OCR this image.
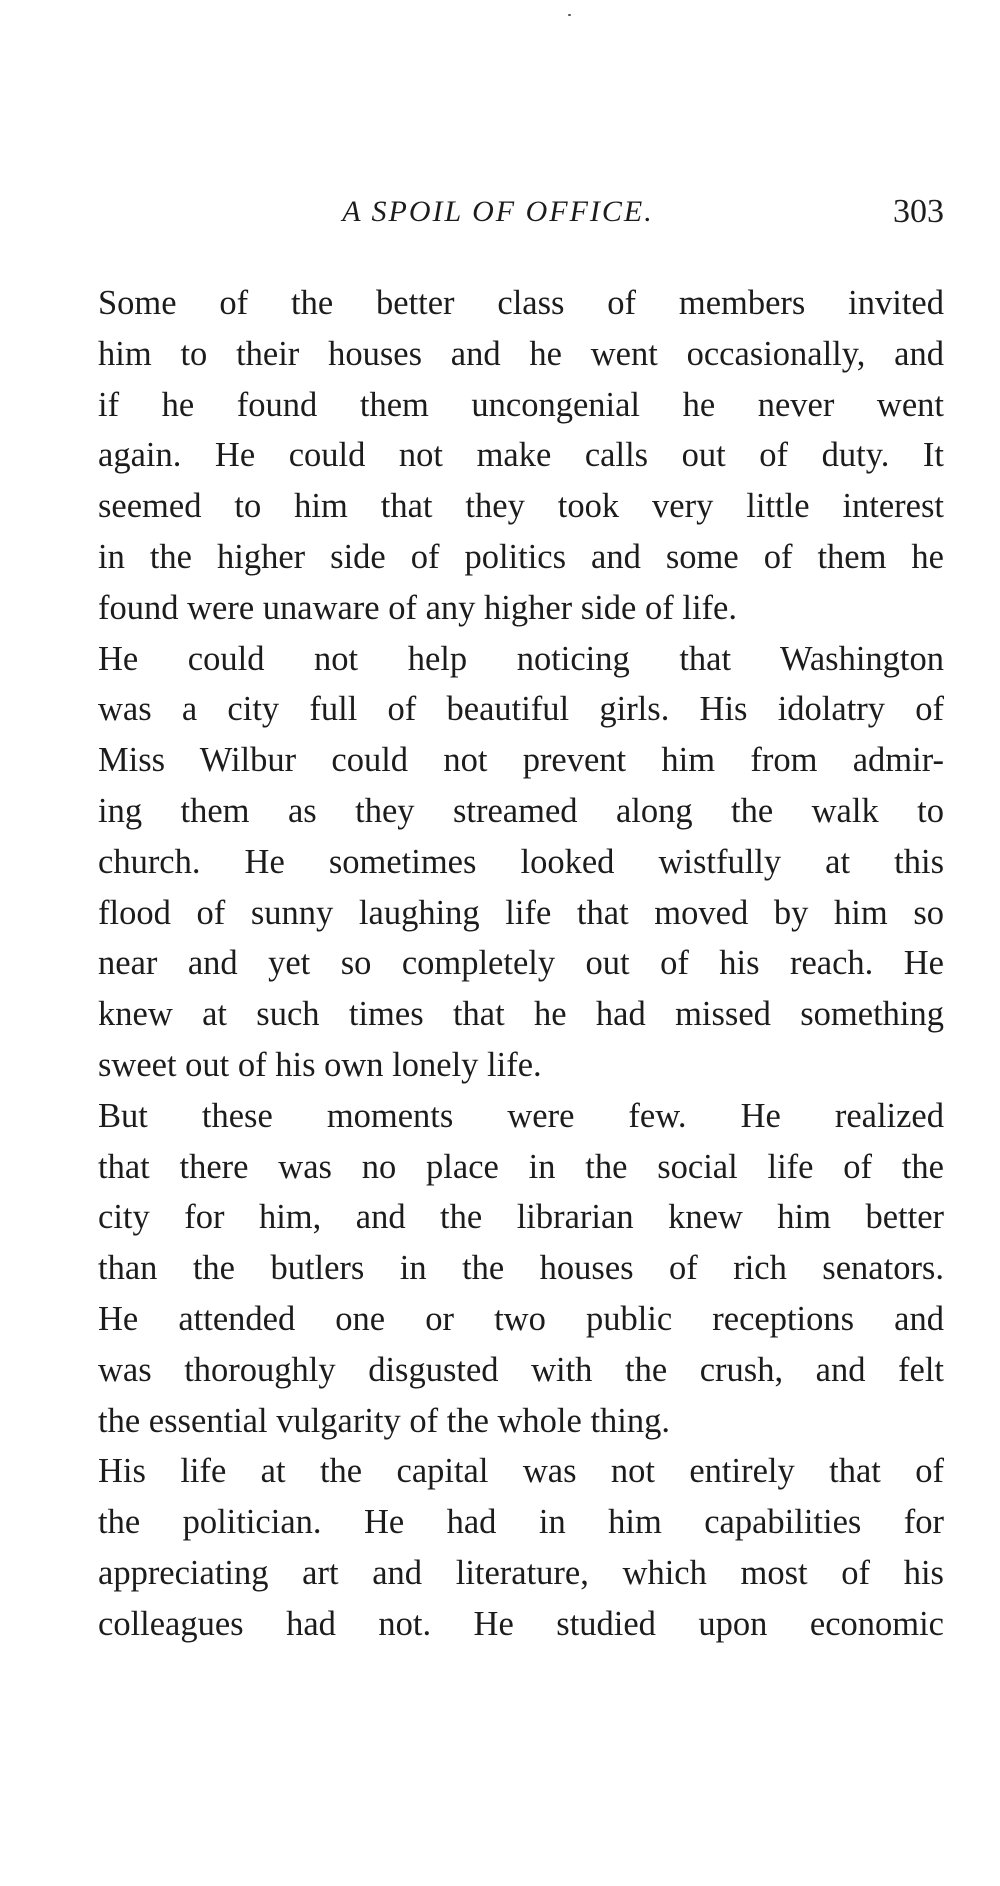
A SPOIL OF OFFICE.	303

Some of the better class of members invited
him to their houses and he went occasionally, and
if he found them uncongenial he never went
again. He could not make calls out of duty. It
seemed to him that they took very little interest
in the higher side of politics and some of them he
found were unaware of any higher side of life.

He could not help noticing that Washington
was a city full of beautiful girls. His idolatry of
Miss Wilbur could not prevent him from admir-
ing them as they streamed along the walk to
church. He sometimes looked wistfully at this
flood of sunny laughing life that moved by him so
near and yet so completely out of his reach. He
knew at such times that he had missed something
sweet out of his own lonely life.

But these moments were few. He realized
that there was no place in the social life of the
city for him, and the librarian knew him better
than the butlers in the houses of rich senators.
He attended one or two public receptions and
was thoroughly disgusted with the crush, and felt
the essential vulgarity of the whole thing.

His life at the capital was not entirely that of
the politician. He had in him capabilities for
appreciating art and literature, which most of his
colleagues had not. He studied upon economic
